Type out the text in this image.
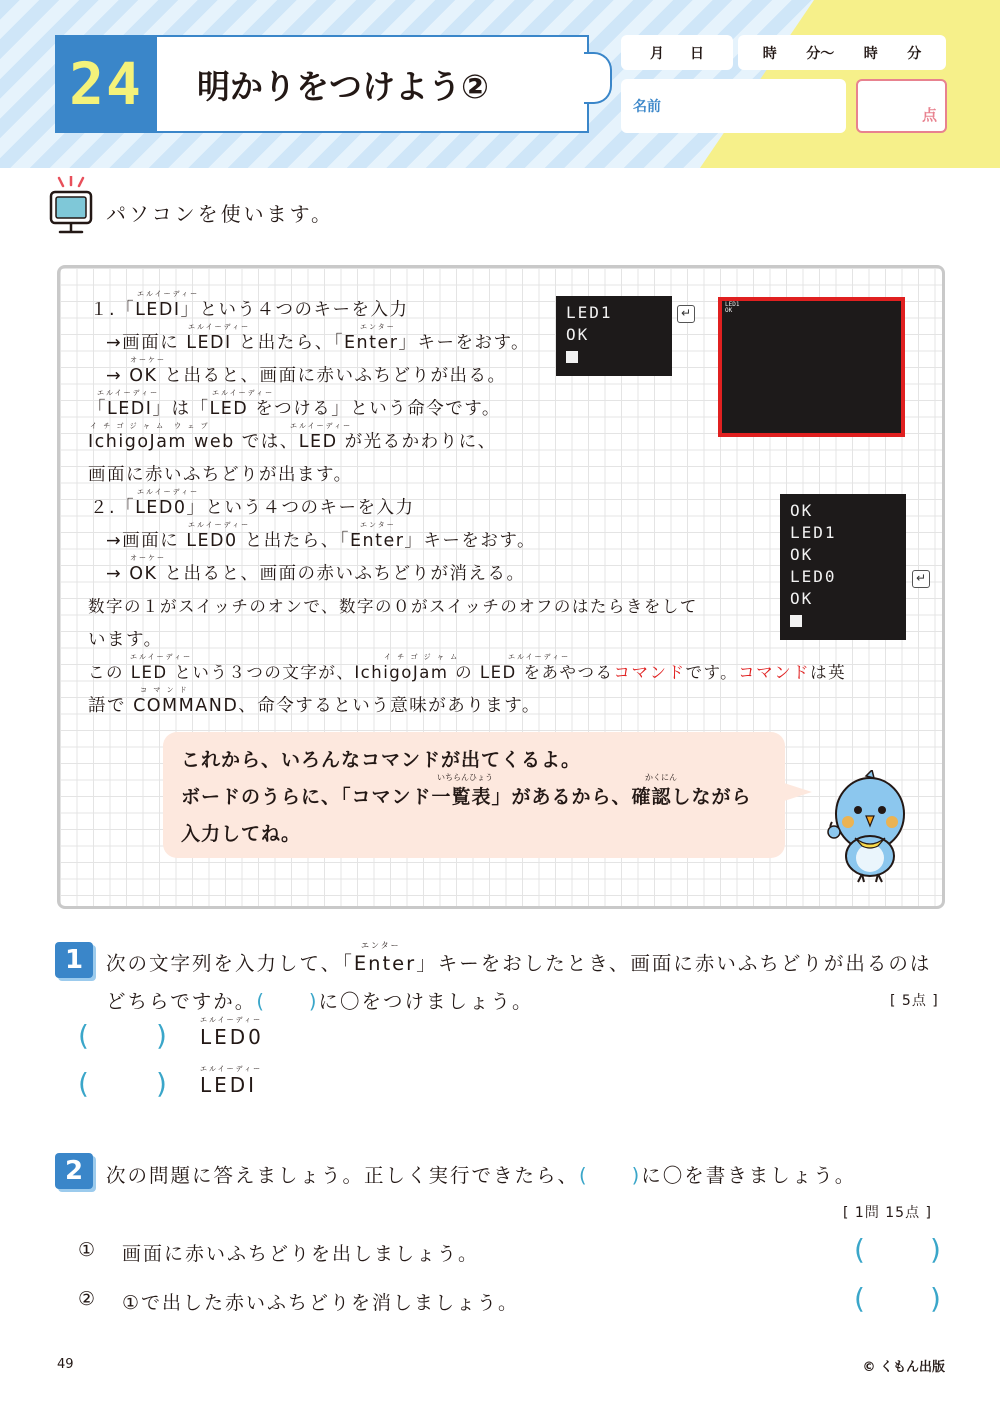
24 明かりをつけよう②
月 日	時 分〜 時 分
名前	点
パソコンを使います。
エルイーディー
１.「LEDI」という４つのキーを入力
エルイーディー	エンター
→画面に LEDI と出たら、「Enter」キーをおす。
オーケー
→ OK と出ると、画面に赤いふちどりが出る。
エルイーディー	エルイーディー
「LEDI」は「LED をつける」という命令です。
イ チ ゴ ジ ャ ム　ウ ェ ブ	エルイーディー
IchigoJam web では、LED が光るかわりに、
画面に赤いふちどりが出ます。
エルイーディー
２.「LED0」という４つのキーを入力
エルイーディー	エンター
→画面に LED0 と出たら、「Enter」キーをおす。
オーケー
→ OK と出ると、画面の赤いふちどりが消える。
数字の１がスイッチのオンで、数字の０がスイッチのオフのはたらきをして
います。
エルイーディー	イ チ ゴ ジ ャ ム	エルイーディー
この LED という３つの文字が、IchigoJam の LED をあやつるコマンドです。コマンドは英
コ マ ン ド
語で COMMAND、命令するという意味があります。
LED1
OK
↵
LED1
OK
OK
LED1
OK
LED0
OK
↵
これから、いろんなコマンドが出てくるよ。
いちらんひょう	かくにん
ボードのうらに、「コマンド一覧表」があるから、確認しながら
入力してね。
1	エンター
次の文字列を入力して、「Enter」キーをおしたとき、画面に赤いふちどりが出るのは
どちらですか。(　　)に〇をつけましょう。	[ 5点 ]
( )	エルイーディー
LED0
( )	エルイーディー
LEDI
2	次の問題に答えましょう。正しく実行できたら、(　　)に〇を書きましょう。
[ 1問 15点 ]
① 画面に赤いふちどりを出しましょう。	( )
② ①で出した赤いふちどりを消しましょう。	( )
49	© くもん出版
